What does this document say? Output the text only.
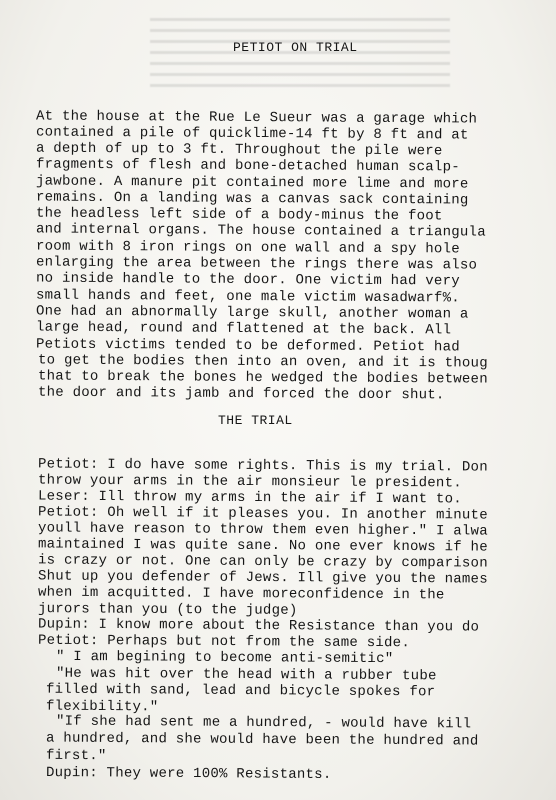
PETIOT ON TRIAL
At the house at the Rue Le Sueur was a garage which
contained a pile of quicklime-14 ft by 8 ft and at
a depth of up to 3 ft. Throughout the pile were
fragments of flesh and bone-detached human scalp-
jawbone. A manure pit contained more lime and more
remains. On a landing was a canvas sack containing
the headless left side of a body-minus the foot
and internal organs. The house contained a triangula
room with 8 iron rings on one wall and a spy hole
enlarging the area between the rings there was also
no inside handle to the door. One victim had very
small hands and feet, one male victim wasadwarf%.
One had an abnormally large skull, another woman a
large head, round and flattened at the back. All
Petiots victims tended to be deformed. Petiot had
to get the bodies then into an oven, and it is thoug
that to break the bones he wedged the bodies between
the door and its jamb and forced the door shut.
THE TRIAL
Petiot: I do have some rights. This is my trial. Don
throw your arms in the air monsieur le president.
Leser: Ill throw my arms in the air if I want to.
Petiot: Oh well if it pleases you. In another minute
youll have reason to throw them even higher." I alwa
maintained I was quite sane. No one ever knows if he
is crazy or not. One can only be crazy by comparison
Shut up you defender of Jews. Ill give you the names
when im acquitted. I have moreconfidence in the
jurors than you (to the judge)
Dupin: I know more about the Resistance than you do
Petiot: Perhaps but not from the same side.
" I am begining to become anti-semitic"
"He was hit over the head with a rubber tube
filled with sand, lead and bicycle spokes for
flexibility."
"If she had sent me a hundred, - would have kill
a hundred, and she would have been the hundred and
first."
Dupin: They were 100% Resistants.
